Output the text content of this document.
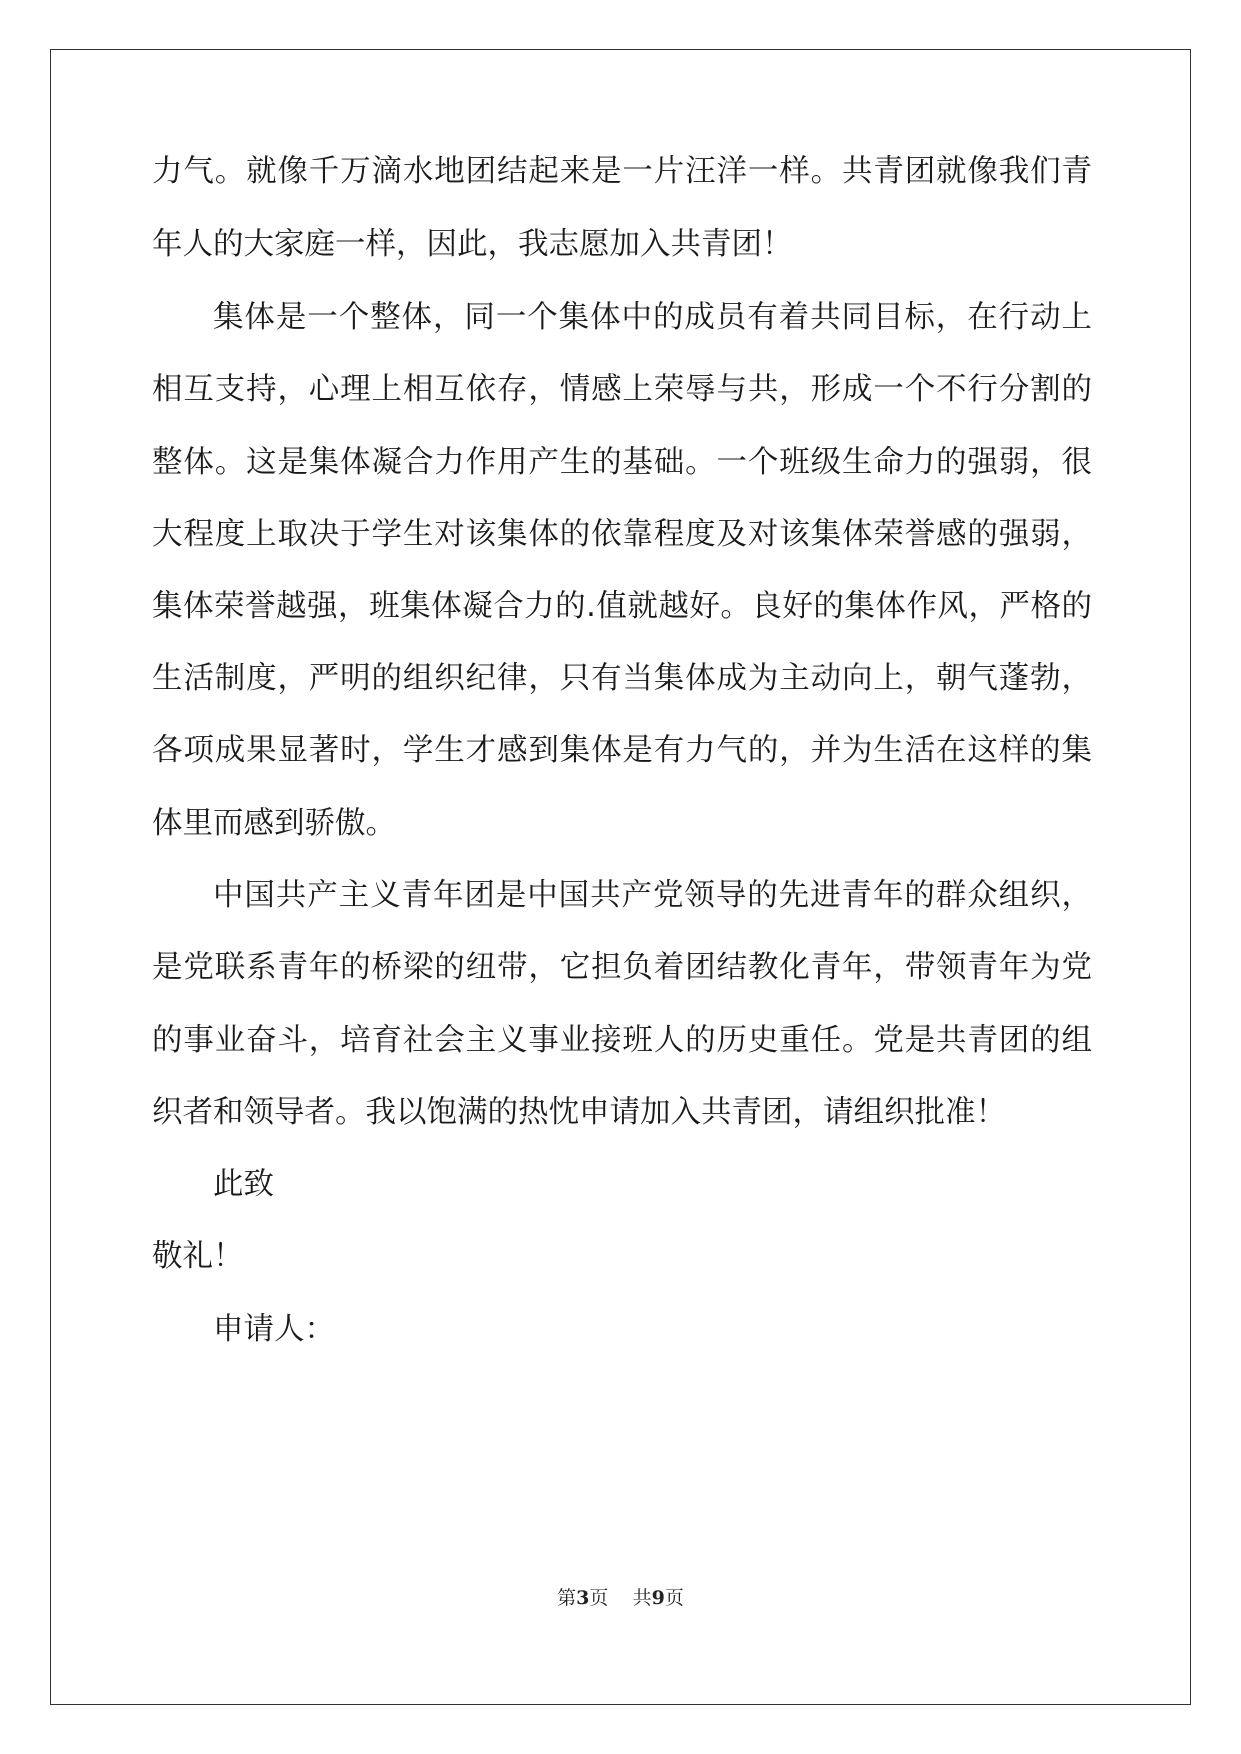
力气。就像千万滴水地团结起来是一片汪洋一样。共青团就像我们青
年人的大家庭一样，因此，我志愿加入共青团！
集体是一个整体，同一个集体中的成员有着共同目标，在行动上
相互支持，心理上相互依存，情感上荣辱与共，形成一个不行分割的
整体。这是集体凝合力作用产生的基础。一个班级生命力的强弱，很
大程度上取决于学生对该集体的依靠程度及对该集体荣誉感的强弱，
集体荣誉越强，班集体凝合力的.值就越好。良好的集体作风，严格的
生活制度，严明的组织纪律，只有当集体成为主动向上，朝气蓬勃，
各项成果显著时，学生才感到集体是有力气的，并为生活在这样的集
体里而感到骄傲。
中国共产主义青年团是中国共产党领导的先进青年的群众组织，
是党联系青年的桥梁的纽带，它担负着团结教化青年，带领青年为党
的事业奋斗，培育社会主义事业接班人的历史重任。党是共青团的组
织者和领导者。我以饱满的热忱申请加入共青团，请组织批准！
此致
敬礼！
申请人：
第3页 共9页
